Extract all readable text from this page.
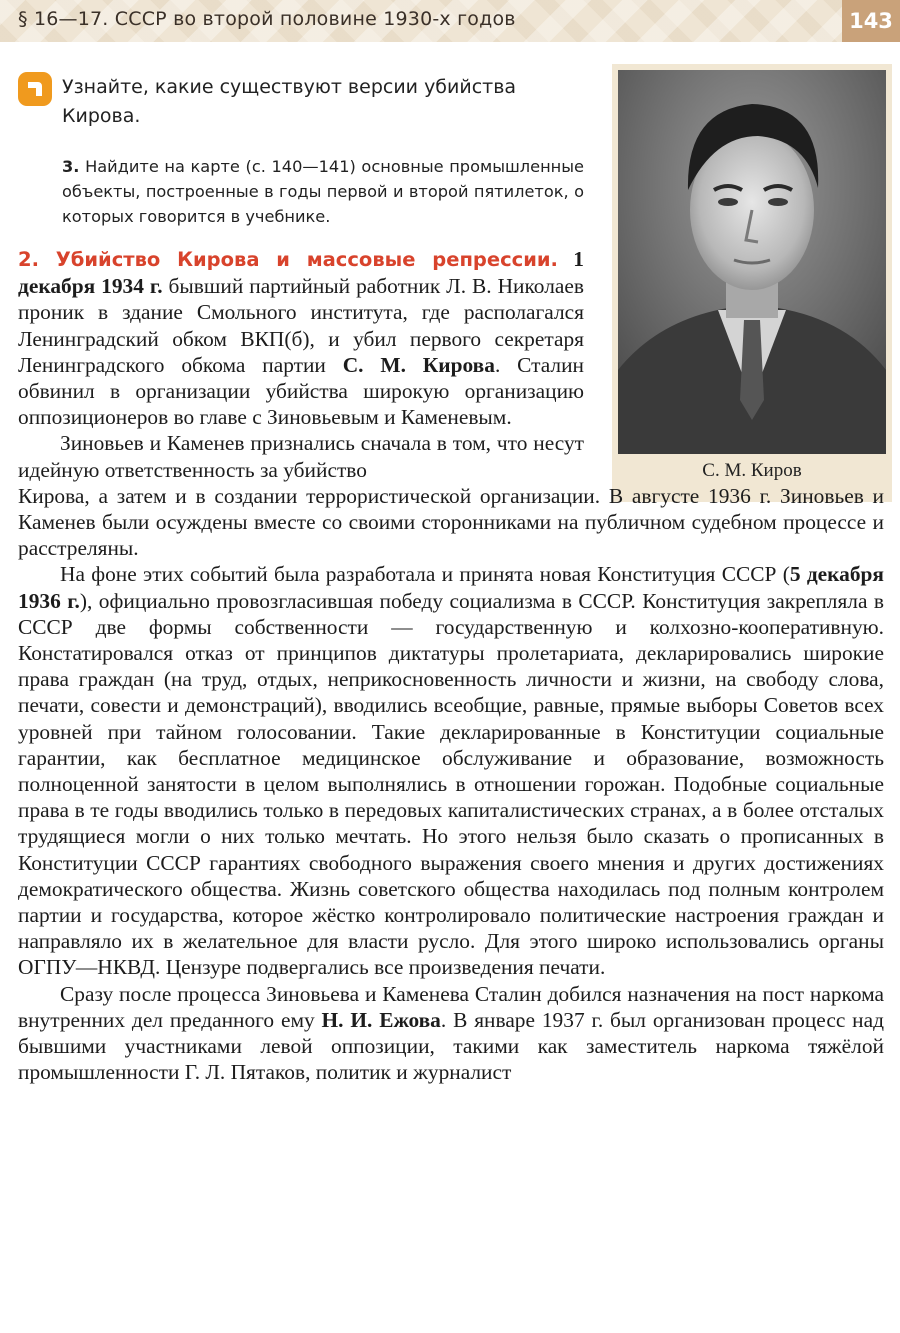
§ 16—17. СССР во второй половине 1930-х годов	143
Узнайте, какие существуют версии убийства Кирова.
3. Найдите на карте (с. 140—141) основные промышленные объекты, построенные в годы первой и второй пятилеток, о которых говорится в учебнике.
С. М. Киров

2. Убийство Кирова и массовые репрессии. 1 декабря 1934 г. бывший партийный работник Л. В. Николаев проник в здание Смольного института, где располагался Ленинградский обком ВКП(б), и убил первого секретаря Ленинградского обкома партии С. М. Кирова. Сталин обвинил в организации убийства широкую организацию оппозиционеров во главе с Зиновьевым и Каменевым.

Зиновьев и Каменев признались сначала в том, что несут идейную ответственность за убийство

Кирова, а затем и в создании террористической организации. В августе 1936 г. Зиновьев и Каменев были осуждены вместе со своими сторонниками на публичном судебном процессе и расстреляны.

На фоне этих событий была разработала и принята новая Конституция СССР (5 декабря 1936 г.), официально провозгласившая победу социализма в СССР. Конституция закрепляла в СССР две формы собственности — государственную и колхозно-кооперативную. Констатировался отказ от принципов диктатуры пролетариата, декларировались широкие права граждан (на труд, отдых, неприкосновенность личности и жизни, на свободу слова, печати, совести и демонстраций), вводились всеобщие, равные, прямые выборы Советов всех уровней при тайном голосовании. Такие декларированные в Конституции социальные гарантии, как бесплатное медицинское обслуживание и образование, возможность полноценной занятости в целом выполнялись в отношении горожан. Подобные социальные права в те годы вводились только в передовых капиталистических странах, а в более отсталых трудящиеся могли о них только мечтать. Но этого нельзя было сказать о прописанных в Конституции СССР гарантиях свободного выражения своего мнения и других достижениях демократического общества. Жизнь советского общества находилась под полным контролем партии и государства, которое жёстко контролировало политические настроения граждан и направляло их в желательное для власти русло. Для этого широко использовались органы ОГПУ—НКВД. Цензуре подвергались все произведения печати.

Сразу после процесса Зиновьева и Каменева Сталин добился назначения на пост наркома внутренних дел преданного ему Н. И. Ежова. В январе 1937 г. был организован процесс над бывшими участниками левой оппозиции, такими как заместитель наркома тяжёлой промышленности Г. Л. Пятаков, политик и журналист
